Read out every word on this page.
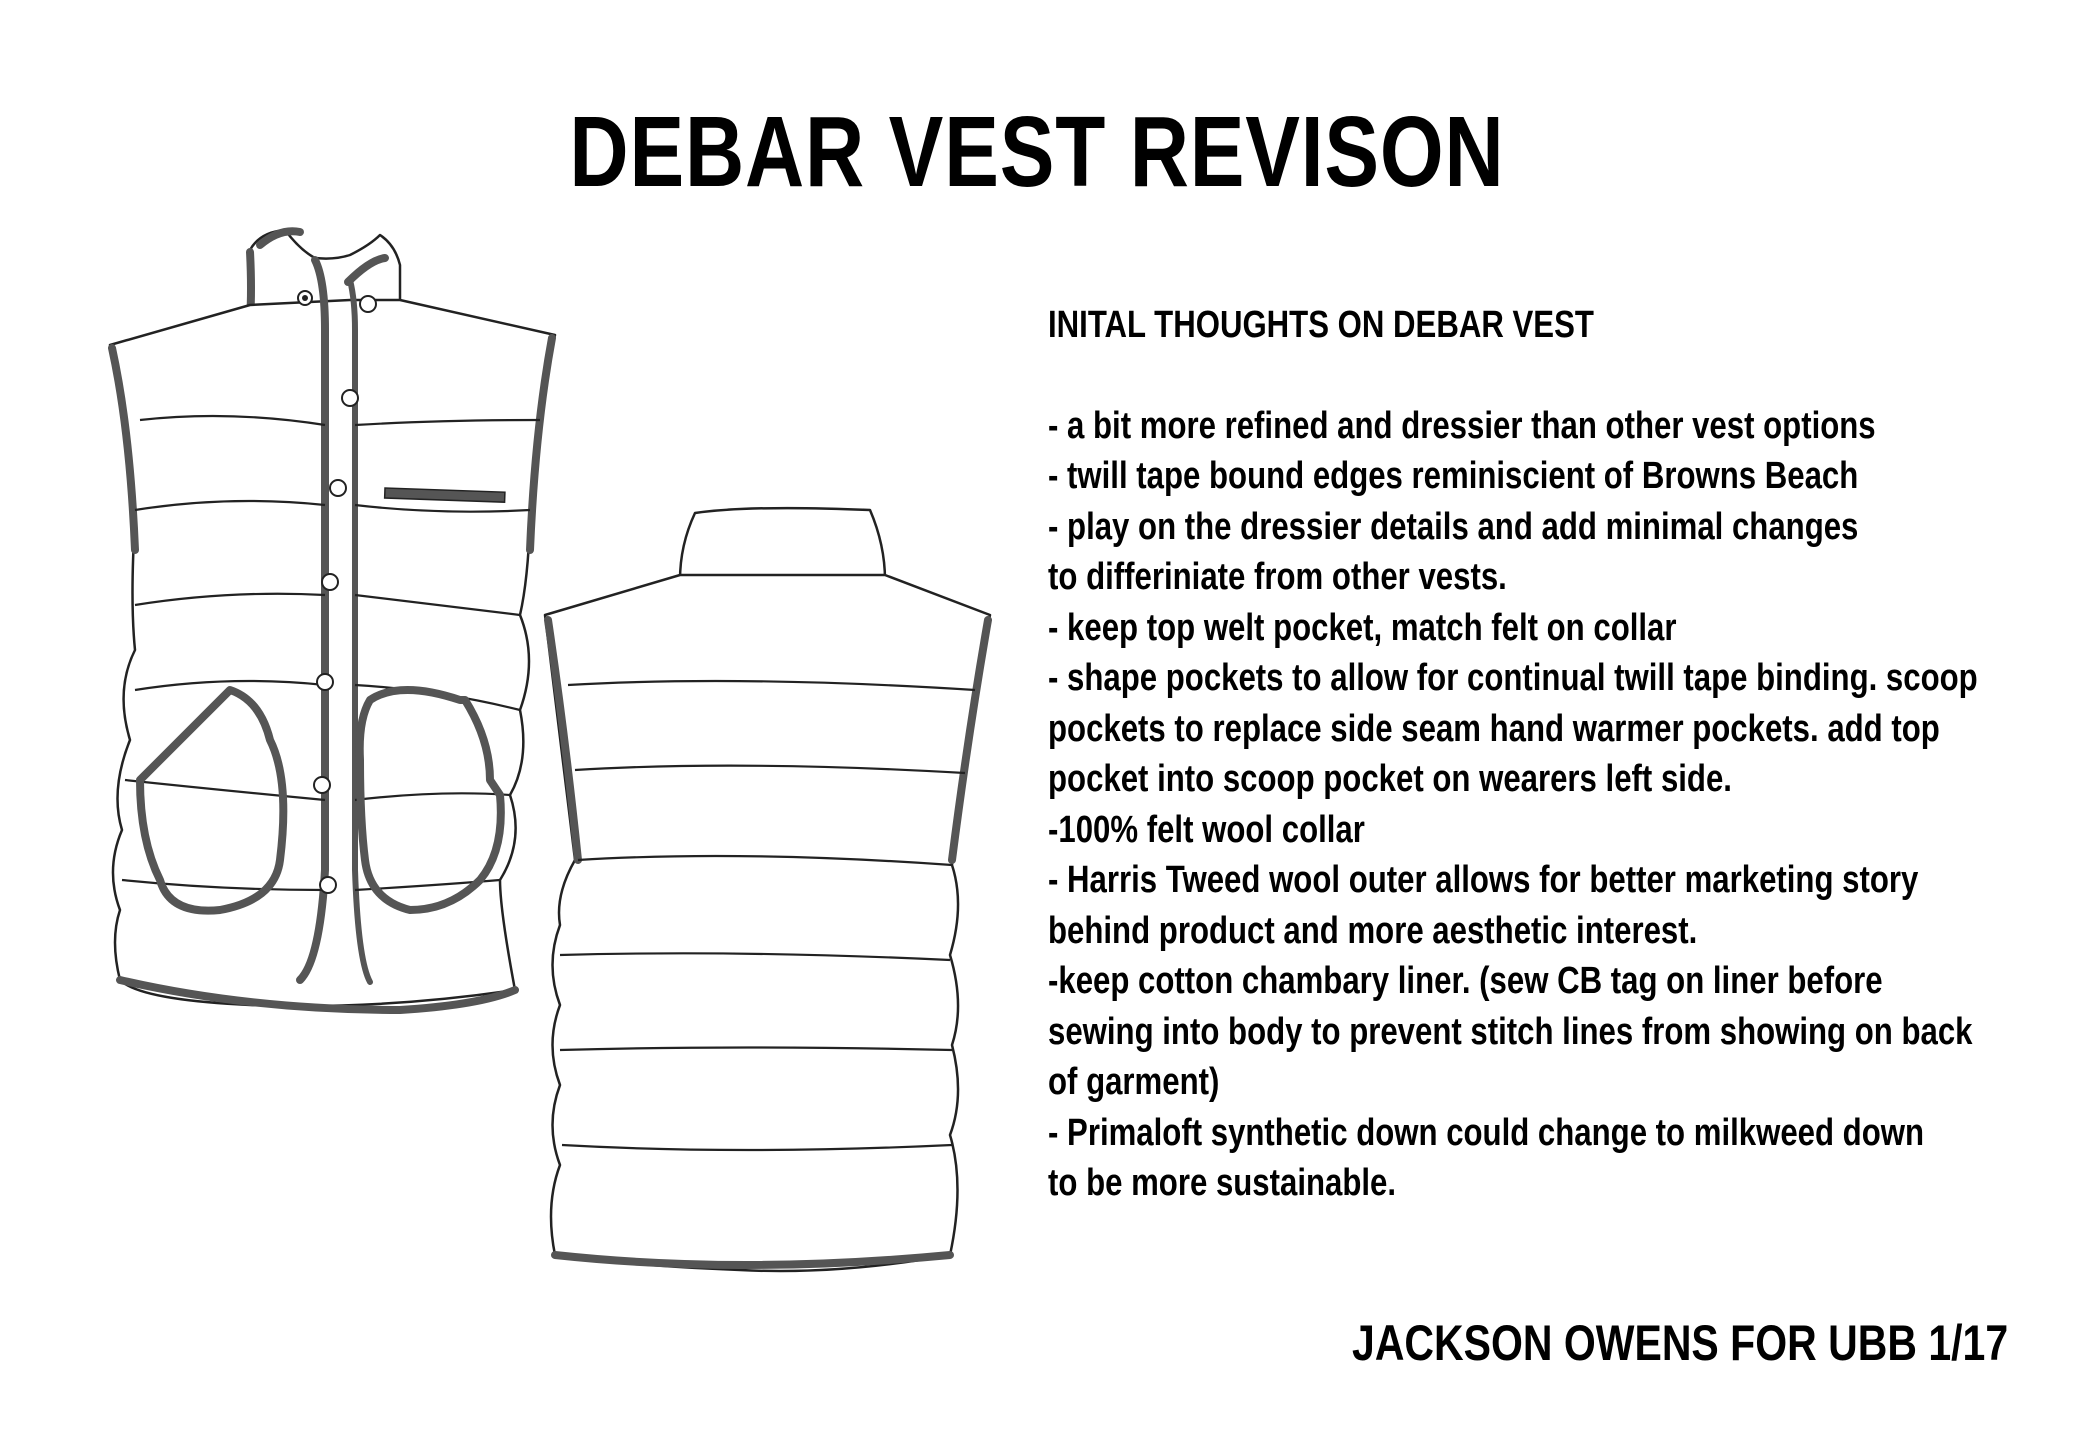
DEBAR VEST REVISON
INITAL THOUGHTS ON DEBAR VEST
- a bit more refined and dressier than other vest options
- twill tape bound edges reminiscient of Browns Beach
- play on the dressier details and add minimal changes
to differiniate from other vests.
- keep top welt pocket, match felt on collar
- shape pockets to allow for continual twill tape binding. scoop
pockets to replace side seam hand warmer pockets. add top
pocket into scoop pocket on wearers left side.
-100% felt wool collar
- Harris Tweed wool outer allows for better marketing story
behind product and more aesthetic interest.
-keep cotton chambary liner. (sew CB tag on liner before
sewing into body to prevent stitch lines from showing on back
of garment)
- Primaloft synthetic down could change to milkweed down
to be more sustainable.
JACKSON OWENS FOR UBB 1/17
